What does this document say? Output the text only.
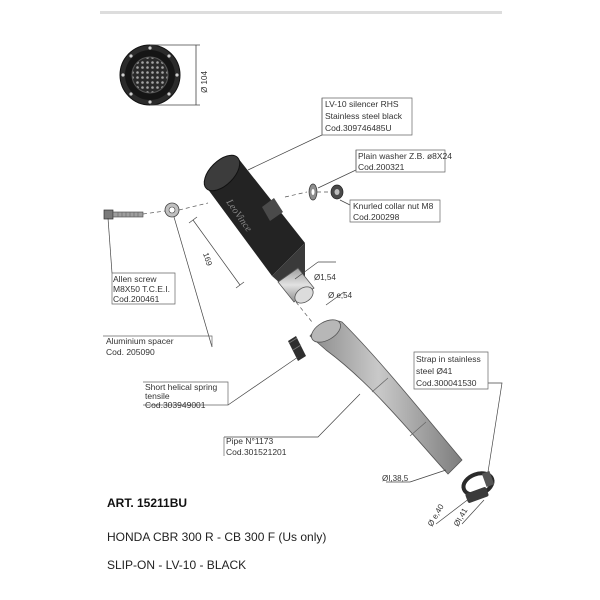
Ø 104
LeoVince
169
Ø1,54
Ø e,54
ØI,38,5
Ø e,40 ØI,41
LV-10 silencer RHS
Stainless steel black
Cod.309746485U
Plain washer Z.B. ø8X24
Cod.200321
Knurled collar nut M8
Cod.200298
Allen screw
M8X50 T.C.E.I.
Cod.200461
Aluminium spacer
Cod. 205090
Short helical spring
tensile
Cod.303949001
Pipe N°1173
Cod.301521201
Strap in stainless
steel Ø41
Cod.300041530
ART. 15211BU
HONDA CBR 300 R - CB 300 F (Us only)
SLIP-ON - LV-10 - BLACK
